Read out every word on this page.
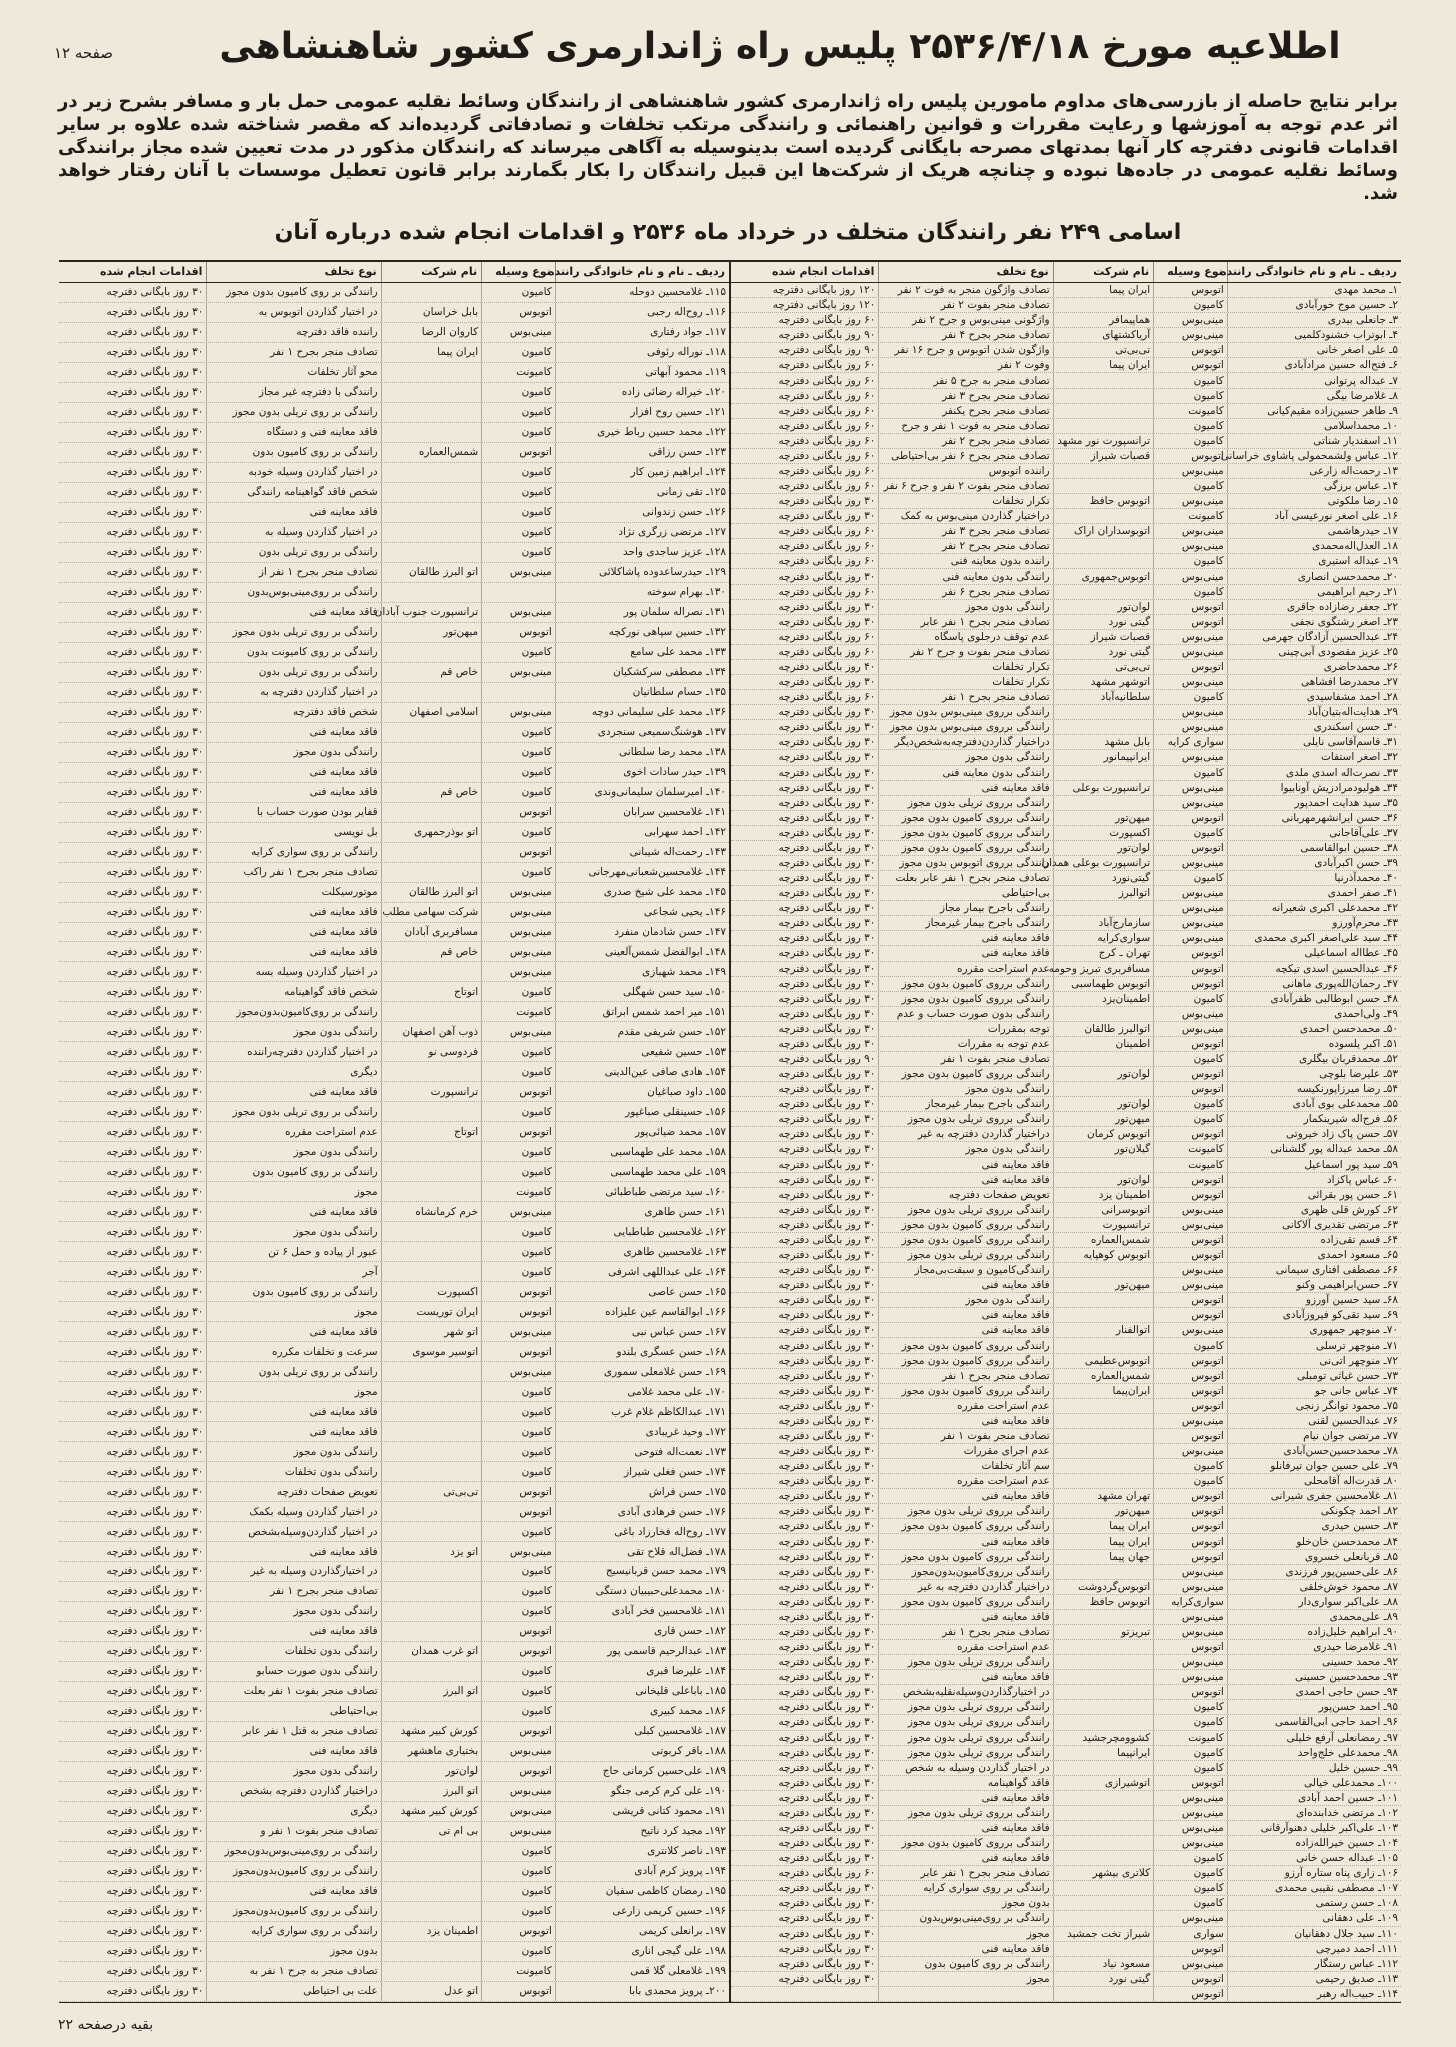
صفحه ۱۲	اطلاعیه مورخ ۲۵۳۶/۴/۱۸ پلیس راه ژاندارمری کشور شاهنشاهی
برابر نتایج حاصله از بازرسی‌های مداوم مامورین پلیس راه ژاندارمری کشور شاهنشاهی از رانندگان وسائط نقلیه عمومی حمل بار و مسافر بشرح زیر در اثر عدم توجه به آموزشها و رعایت مقررات و قوانین راهنمائی و رانندگی مرتکب تخلفات و تصادفاتی گردیده‌اند که مقصر شناخته شده علاوه بر سایر اقدامات قانونی دفترچه کار آنها بمدتهای مصرحه بایگانی گردیده است بدینوسیله به آگاهی میرساند که رانندگان مذکور در مدت تعیین شده مجاز برانندگی وسائط نقلیه عمومی در جاده‌ها نبوده و چنانچه هریک از شرکت‌ها این قبیل رانندگان را بکار بگمارند برابر قانون تعطیل موسسات با آنان رفتار خواهد شد.
اسامی ۲۴۹ نفر رانندگان متخلف در خرداد ماه ۲۵۳۶ و اقدامات انجام شده درباره آنان
ردیف ـ نام و نام خانوادگی راننده
نوع وسیله
نام شرکت
نوع تخلف
اقدامات انجام شده
۱ـ محمد مهدی
اتوبوس
ایران پیما
تصادف واژگون منجر به فوت ۲ نفر
۱۲۰ روز بایگانی دفترچه
۲ـ حسین موج خورآبادی
کامیون
تصادف منجر بفوت ۲ نفر
۱۲۰ روز بایگانی دفترچه
۳ـ جانعلی بیدری
مینی‌بوس
هماپیمافر
واژگونی مینی‌بوس و جرح ۲ نفر
۶۰ روز بایگانی دفترچه
۴ـ ابوتراب خشنودکلمیی
مینی‌بوس
آریاکشتهای
تصادف منجر بجرح ۴ نفر
۹۰ روز بایگانی دفترچه
۵ـ علی اصغر خانی
اتوبوس
تی‌بی‌تی
واژگون شدن اتوبوس و جرح ۱۶ نفر
۹۰ روز بایگانی دفترچه
۶ـ فتح‌اله حسین مرادآبادی
اتوبوس
ایران پیما
وفوت ۲ نفر
۶۰ روز بایگانی دفترچه
۷ـ عبداله پرتوانی
کامیون
تصادف منجر به جرح ۵ نفر
۶۰ روز بایگانی دفترچه
۸ـ غلامرضا بیگی
کامیون
تصادف منجر بجرح ۳ نفر
۶۰ روز بایگانی دفترچه
۹ـ طاهر حسین‌زاده مقیم‌کیانی
کامیونت
تصادف منجر بجرح یکنفر
۶۰ روز بایگانی دفترچه
۱۰ـ محمداسلامی
کامیون
تصادف منجر به فوت ۱ نفر و جرح
۶۰ روز بایگانی دفترچه
۱۱ـ اسفندیار شناتی
کامیون
ترانسپورت نور مشهد
تصادف منجر بجرح ۲ نفر
۶۰ روز بایگانی دفترچه
۱۲ـ عباس ولشمحمولی پاشاوی خراسانی
اتوبوس
قصبات شیراز
تصادف منجر بجرح ۶ نفر بی‌احتیاطی
۶۰ روز بایگانی دفترچه
۱۳ـ رحمت‌اله زارعی
مینی‌بوس
راننده اتوبوس
۶۰ روز بایگانی دفترچه
۱۴ـ عباس برزگی
کامیون
تصادف منجر بفوت ۲ نفر و جرح ۶ نفر
۶۰ روز بایگانی دفترچه
۱۵ـ رضا ملکوتی
مینی‌بوس
اتوبوس حافظ
تکرار تخلفات
۳۰ روز بایگانی دفترچه
۱۶ـ علی اصغر نورعیسی آباد
کامیونت
دراختیار گذاردن مینی‌بوس به کمک
۳۰ روز بایگانی دفترچه
۱۷ـ حیدرهاشمی
مینی‌بوس
اتوبوسداران اراک
تصادف منجر بجرح ۳ نفر
۶۰ روز بایگانی دفترچه
۱۸ـ العدل‌اله‌محمدی
مینی‌بوس
تصادف منجر بجرح ۲ نفر
۶۰ روز بایگانی دفترچه
۱۹ـ عبداله استیری
کامیون
راننده بدون معاینه فنی
۶۰ روز بایگانی دفترچه
۲۰ـ محمدحسن انصاری
مینی‌بوس
اتوبوس‌جمهوری
رانندگی بدون معاینه فنی
۳۰ روز بایگانی دفترچه
۲۱ـ رحیم ابراهیمی
کامیون
تصادف منجر بجرح ۶ نفر
۶۰ روز بایگانی دفترچه
۲۲ـ جعفر رضا‌زاده جاقری
اتوبوس
لوان‌تور
رانندگی بدون مجوز
۳۰ روز بایگانی دفترچه
۲۳ـ اصغر رشتگوی نجفی
اتوبوس
گیتی نورد
تصادف منجر بجرح ۱ نفر عابر
۳۰ روز بایگانی دفترچه
۲۴ـ عبدالحسین آزادگان جهرمی
مینی‌بوس
قصبات شیراز
عدم توقف درجلوی پاسگاه
۶۰ روز بایگانی دفترچه
۲۵ـ عزیز مقصودی آبی‌چینی
مینی‌بوس
گیتی نورد
تصادف منجر بفوت و جرح ۲ نفر
۶۰ روز بایگانی دفترچه
۲۶ـ محمدحاضری
اتوبوس
تی‌بی‌تی
تکرار تخلفات
۴۰ روز بایگانی دفترچه
۲۷ـ محمدرضا افشاهی
مینی‌بوس
اتوشهر مشهد
تکرار تخلفات
۳۰ روز بایگانی دفترچه
۲۸ـ احمد مشفاسیدی
کامیون
سلطانیه‌آباد
تصادف منجر بجرح ۱ نفر
۶۰ روز بایگانی دفترچه
۲۹ـ هدایت‌اله‌بتیان‌آباد
مینی‌بوس
رانندگی برروی مینی‌بوس بدون مجوز
۳۰ روز بایگانی دفترچه
۳۰ـ حسن اسکندری
مینی‌بوس
رانندگی برروی مینی‌بوس بدون مجوز
۳۰ روز بایگانی دفترچه
۳۱ـ قاسم‌آقاسی نایلی
سواری کرایه
بابل مشهد
دراختیار گذاردن‌دفترچه‌به‌شخص‌دیگر
۳۰ روز بایگانی دفترچه
۳۲ـ اصغر استفات
مینی‌بوس
ایرانپیمانور
رانندگی بدون مجوز
۳۰ روز بایگانی دفترچه
۳۳ـ نصرت‌اله اسدی ملدی
کامیون
رانندگی بدون معاینه فنی
۳۰ روز بایگانی دفترچه
۳۴ـ هولیودمرادزیش آونابیوا
مینی‌بوس
ترانسپورت بوعلی
فاقد معاینه فنی
۳۰ روز بایگانی دفترچه
۳۵ـ سید هدایت احمدپور
مینی‌بوس
رانندگی برروی تریلی بدون مجوز
۳۰ روز بایگانی دفترچه
۳۶ـ حسن ایرانشهرمهربانی
اتوبوس
میهن‌تور
رانندگی برروی کامیون بدون مجوز
۳۰ روز بایگانی دفترچه
۳۷ـ علی‌آقاجانی
کامیون
اکسپورت
رانندگی برروی کامیون بدون مجوز
۳۰ روز بایگانی دفترچه
۳۸ـ حسین ابوالقاسمی
اتوبوس
لوان‌تور
رانندگی برروی کامیون بدون مجوز
۳۰ روز بایگانی دفترچه
۳۹ـ حسن اکبرآبادی
مینی‌بوس
ترانسپورت بوعلی همدان
رانندگی برروی اتوبوس بدون مجوز
۳۰ روز بایگانی دفترچه
۴۰ـ محمدآذرنیا
کامیون
گیتی‌نورد
تصادف منجر بجرح ۱ نفر عابر بعلت
۳۰ روز بایگانی دفترچه
۴۱ـ صفر احمدی
مینی‌بوس
اتوالبرز
بی‌احتیاطی
۳۰ روز بایگانی دفترچه
۴۲ـ محمدعلی اکبری شعیرانه
مینی‌بوس
رانندگی باجرح بیمار مجاز
۳۰ روز بایگانی دفترچه
۴۳ـ محرم‌آورزو
مینی‌بوس
سازمارج‌آباد
رانندگی باجرح بیمار غیرمجاز
۳۰ روز بایگانی دفترچه
۴۴ـ سید علی‌اصغر اکبری محمدی
مینی‌بوس
سواری‌کرایه
فاقد معاینه فنی
۳۰ روز بایگانی دفترچه
۴۵ـ عطااله اسماعیلی
اتوبوس
تهران ـ کرج
فاقد معاینه فنی
۳۰ روز بایگانی دفترچه
۴۶ـ عبدالحسین اسدی تیکچه
اتوبوس
مسافربری تبریز وحومه
عدم استراحت مقرره
۳۰ روز بایگانی دفترچه
۴۷ـ رحمان‌الله‌پوری ماهانی
اتوبوس
اتوبوس طهماسبی
رانندگی برروی کامیون بدون مجوز
۳۰ روز بایگانی دفترچه
۴۸ـ حسن ابوطالبی ظفرآبادی
کامیون
اطمینان‌یزد
رانندگی برروی کامیون بدون مجوز
۳۰ روز بایگانی دفترچه
۴۹ـ ولی‌احمدی
مینی‌بوس
رانندگی بدون صورت حساب و عدم
۳۰ روز بایگانی دفترچه
۵۰ـ محمدحسن احمدی
مینی‌بوس
اتوالبرز طالقان
توجه بمقررات
۳۰ روز بایگانی دفترچه
۵۱ـ اکبر یلسوده
اتوبوس
اطمینان
عدم توجه به مقررات
۳۰ روز بایگانی دفترچه
۵۲ـ محمدقربان بیگلری
کامیون
تصادف منجر بفوت ۱ نفر
۹۰ روز بایگانی دفترچه
۵۳ـ علیرضا بلوچی
اتوبوس
لوان‌تور
رانندگی برروی کامیون بدون مجوز
۳۰ روز بایگانی دفترچه
۵۴ـ رضا میرزاپورنکیسه
اتوبوس
رانندگی بدون مجوز
۳۰ روز بایگانی دفترچه
۵۵ـ محمدعلی بوی آبادی
کامیون
لوان‌تور
رانندگی باجرح بیمار غیرمجاز
۳۰ روز بایگانی دفترچه
۵۶ـ فرج‌اله شیرینکمار
کامیون
میهن‌تور
رانندگی برروی تریلی بدون مجوز
۳۰ روز بایگانی دفترچه
۵۷ـ حسن پاک زاد خیروتی
اتوبوس
اتوبوس کرمان
دراختیار گذاردن دفترچه به غیر
۳۰ روز بایگانی دفترچه
۵۸ـ محمد عبداله پور گلشنانی
کامیونت
گیلان‌تور
رانندگی بدون مجوز
۳۰ روز بایگانی دفترچه
۵۹ـ سید پور اسماعیل
کامیونت
فاقد معاینه فنی
۳۰ روز بایگانی دفترچه
۶۰ـ عباس پاکزاد
اتوبوس
لوان‌تور
فاقد معاینه فنی
۳۰ روز بایگانی دفترچه
۶۱ـ حسن پور بقرائی
اتوبوس
اطمینان یزد
تعویض صفحات دفترچه
۳۰ روز بایگانی دفترچه
۶۲ـ کورش قلی ظهری
مینی‌بوس
اتوبوسرانی
رانندگی برروی تریلی بدون مجوز
۳۰ روز بایگانی دفترچه
۶۳ـ مرتضی تقدیری آلاکانی
مینی‌بوس
ترانسپورت
رانندگی برروی کامیون بدون مجوز
۳۰ روز بایگانی دفترچه
۶۴ـ قسم تقی‌زاده
اتوبوس
شمس‌العماره
رانندگی برروی کامیون بدون مجوز
۳۰ روز بایگانی دفترچه
۶۵ـ مسعود احمدی
اتوبوس
اتوبوس کوهپایه
رانندگی برروی تریلی بدون مجوز
۳۰ روز بایگانی دفترچه
۶۶ـ مصطفی افتاری سیمانی
مینی‌بوس
رانندگی‌کامیون و سبقت‌بی‌مجاز
۳۰ روز بایگانی دفترچه
۶۷ـ حسن‌ابراهیمی وکنو
مینی‌بوس
میهن‌تور
فاقد معاینه فنی
۳۰ روز بایگانی دفترچه
۶۸ـ سید حسین آورزو
اتوبوس
رانندگی بدون مجوز
۳۰ روز بایگانی دفترچه
۶۹ـ سید تقی‌کو فیروزآبادی
اتوبوس
فاقد معاینه فنی
۳۰ روز بایگانی دفترچه
۷۰ـ منوچهر جمهوری
مینی‌بوس
اتوالفنار
فاقد معاینه فنی
۳۰ روز بایگانی دفترچه
۷۱ـ منوچهر ترسلی
کامیون
رانندگی برروی کامیون بدون مجوز
۳۰ روز بایگانی دفترچه
۷۲ـ منوچهر اتی‌نی
اتوبوس
اتوبوس‌عطیمی
رانندگی برروی کامیون بدون مجوز
۳۰ روز بایگانی دفترچه
۷۳ـ حسن غیاثی تومبلی
اتوبوس
شمس‌العماره
تصادف منجر بجرح ۱ نفر
۳۰ روز بایگانی دفترچه
۷۴ـ عباس جانی جو
اتوبوس
ایران‌پیما
رانندگی برروی کامیون بدون مجوز
۳۰ روز بایگانی دفترچه
۷۵ـ محمود توانگر زنجی
اتوبوس
عدم استراحت مقرره
۳۰ روز بایگانی دفترچه
۷۶ـ عبدالحسین لقنی
مینی‌بوس
فاقد معاینه فنی
۳۰ روز بایگانی دفترچه
۷۷ـ مرتضی جوان نیام
اتوبوس
تصادف منجر بفوت ۱ نفر
۳۰ روز بایگانی دفترچه
۷۸ـ محمد‌حسین‌حسن‌آبادی
مینی‌بوس
عدم اجرای مقررات
۳۰ روز بایگانی دفترچه
۷۹ـ علی حسین جوان تیرفانلو
کامیون
سم آثار تخلفات
۳۰ روز بایگانی دفترچه
۸۰ـ قدرت‌اله آقامحلی
کامیون
عدم استراحت مقرره
۳۰ روز بایگانی دفترچه
۸۱ـ غلامحسین جفری شیرانی
اتوبوس
تهران مشهد
فاقد معاینه فنی
۳۰ روز بایگانی دفترچه
۸۲ـ احمد چکونکی
اتوبوس
میهن‌تور
رانندگی برروی تریلی بدون مجوز
۳۰ روز بایگانی دفترچه
۸۳ـ حسین حیدری
اتوبوس
ایران پیما
رانندگی برروی کامیون بدون مجوز
۳۰ روز بایگانی دفترچه
۸۴ـ محمدحسن خان‌خلو
اتوبوس
ایران پیما
فاقد معاینه فنی
۳۰ روز بایگانی دفترچه
۸۵ـ قربانعلی خسروی
اتوبوس
جهان پیما
رانندگی برروی کامیون بدون مجوز
۳۰ روز بایگانی دفترچه
۸۶ـ علی‌حسین‌پور فرزندی
مینی‌بوس
رانندگی برروی‌کامیون‌بدون‌مجوز
۳۰ روز بایگانی دفترچه
۸۷ـ محمود خوش‌خلقی
مینی‌بوس
اتوبوس‌گردوشت
دراختیار گذاردن دفترچه به غیر
۳۰ روز بایگانی دفترچه
۸۸ـ علی‌اکبر سواری‌دار
سواری‌کرایه
اتوبوس حافظ
رانندگی برروی کامیون بدون مجوز
۳۰ روز بایگانی دفترچه
۸۹ـ علی‌محمدی
مینی‌بوس
فاقد معاینه فنی
۳۰ روز بایگانی دفترچه
۹۰ـ ابراهیم خلیل‌زاده
مینی‌بوس
تبریزتو
تصادف منجر بجرح ۱ نفر
۳۰ روز بایگانی دفترچه
۹۱ـ غلامرضا حیدری
اتوبوس
عدم استراحت مقرره
۳۰ روز بایگانی دفترچه
۹۲ـ محمد حسینی
مینی‌بوس
رانندگی برروی تریلی بدون مجوز
۳۰ روز بایگانی دفترچه
۹۳ـ محمدحسین حسینی
مینی‌بوس
فاقد معاینه فنی
۳۰ روز بایگانی دفترچه
۹۴ـ حسن حاجی احمدی
اتوبوس
در اختیارگذاردن‌وسیله‌نقلیه‌بشخص
۳۰ روز بایگانی دفترچه
۹۵ـ احمد حسن‌پور
کامیون
رانندگی برروی تریلی بدون مجوز
۳۰ روز بایگانی دفترچه
۹۶ـ احمد حاجی ابی‌القاسمی
کامیون
رانندگی برروی تریلی بدون مجوز
۳۰ روز بایگانی دفترچه
۹۷ـ رمضانعلی آرفع خلیلی
کامیونت
کشوومچرجشید
رانندگی برروی تریلی بدون مجوز
۳۰ روز بایگانی دفترچه
۹۸ـ محمدعلی خلج‌واحد
کامیون
ایرانپیما
رانندگی برروی تریلی بدون مجوز
۳۰ روز بایگانی دفترچه
۹۹ـ حسین خلیل
کامیون
در اختیار گذاردن وسیله به شخص
۳۰ روز بایگانی دفترچه
۱۰۰ـ محمدعلی خیالی
اتوبوس
اتوشیرازی
فاقد گواهینامه
۳۰ روز بایگانی دفترچه
۱۰۱ـ حسین احمد آبادی
مینی‌بوس
فاقد معاینه فنی
۳۰ روز بایگانی دفترچه
۱۰۲ـ مرتضی خدابنده‌ای
مینی‌بوس
رانندگی برروی تریلی بدون مجوز
۳۰ روز بایگانی دفترچه
۱۰۳ـ علی‌اکبر خلیلی دهنوآرقانی
مینی‌بوس
فاقد معاینه فنی
۳۰ روز بایگانی دفترچه
۱۰۴ـ حسین خیرالله‌زاده
مینی‌بوس
رانندگی برروی کامیون بدون مجوز
۳۰ روز بایگانی دفترچه
۱۰۵ـ عبداله حسن خانی
کامیون
فاقد معاینه فنی
۳۰ روز بایگانی دفترچه
۱۰۶ـ زاری پناه ستاره آرزو
کامیون
کلاتری بیشهر
تصادف منجر بجرح ۱ نفر عابر
۶۰ روز بایگانی دفترچه
۱۰۷ـ مصطفی نقیبی محمدی
کامیون
رانندگی بر روی سواری کرایه
۳۰ روز بایگانی دفترچه
۱۰۸ـ حسن رستمی
کامیون
بدون مجوز
۳۰ روز بایگانی دفترچه
۱۰۹ـ علی دهقانی
مینی‌بوس
رانندگی بر روی‌مینی‌بوس‌بدون
۳۰ روز بایگانی دفترچه
۱۱۰ـ سید جلال دهقانیان
سواری
شیراز تخت جمشید
مجوز
۳۰ روز بایگانی دفترچه
۱۱۱ـ احمد دمیرچی
اتوبوس
فاقد معاینه فنی
۳۰ روز بایگانی دفترچه
۱۱۲ـ عباس رستگار
مینی‌بوس
مسعود نیاد
رانندگی بر روی کامیون بدون
۳۰ روز بایگانی دفترچه
۱۱۳ـ صدیق رحیمی
اتوبوس
گیتی نورد
مجوز
۳۰ روز بایگانی دفترچه
۱۱۴ـ حبیب‌اله رهبر
اتوبوس
ردیف ـ نام و نام خانوادگی راننده
نوع وسیله
نام شرکت
نوع تخلف
اقدامات انجام شده
۱۱۵ـ غلامحسین دوحله
کامیون
رانندگی بر روی کامیون بدون مجوز
۳۰ روز بایگانی دفترچه
۱۱۶ـ روح‌اله رجبی
اتوبوس
بابل خراسان
در اختیار گذاردن اتوبوس به
۳۰ روز بایگانی دفترچه
۱۱۷ـ جواد رفتاری
مینی‌بوس
کاروان الرضا
راننده فاقد دفترچه
۳۰ روز بایگانی دفترچه
۱۱۸ـ نوراله رئوفی
کامیون
ایران پیما
تصادف منجر بجرح ۱ نفر
۳۰ روز بایگانی دفترچه
۱۱۹ـ محمود آبهاتی
کامیونت
محو آثار تخلفات
۳۰ روز بایگانی دفترچه
۱۲۰ـ خیراله رضائی زاده
کامیون
رانندگی با دفترچه غیر مجاز
۳۰ روز بایگانی دفترچه
۱۲۱ـ حسین روح افزار
کامیون
رانندگی بر روی تریلی بدون مجوز
۳۰ روز بایگانی دفترچه
۱۲۲ـ محمد حسین رباط خیری
کامیون
فاقد معاینه فنی و دستگاه
۳۰ روز بایگانی دفترچه
۱۲۳ـ حسن رزاقی
اتوبوس
شمس‌العماره
رانندگی بر روی کامیون بدون
۳۰ روز بایگانی دفترچه
۱۲۴ـ ابراهیم زمین کار
کامیون
در اختیار گذاردن وسیله خودبه
۳۰ روز بایگانی دفترچه
۱۲۵ـ تقی زمانی
کامیون
شخص فاقد گواهینامه رانندگی
۳۰ روز بایگانی دفترچه
۱۲۶ـ حسن زندوانی
کامیون
فاقد معاینه فنی
۳۰ روز بایگانی دفترچه
۱۲۷ـ مرتضی زرگری نژاد
کامیون
در اختیار گذاردن وسیله به
۳۰ روز بایگانی دفترچه
۱۲۸ـ عزیز ساجدی واحد
کامیون
رانندگی بر روی تریلی بدون
۳۰ روز بایگانی دفترچه
۱۲۹ـ حیدرساعدوده پاشاکلائی
مینی‌بوس
اتو البرز طالقان
تصادف منجر بجرح ۱ نفر از
۳۰ روز بایگانی دفترچه
۱۳۰ـ بهرام سوخته
رانندگی بر روی‌مینی‌بوس‌بدون
۳۰ روز بایگانی دفترچه
۱۳۱ـ نصراله سلمان پور
مینی‌بوس
ترانسپورت جنوب آبادان
فاقد معاینه فنی
۳۰ روز بایگانی دفترچه
۱۳۲ـ حسین سپاهی نورکچه
اتوبوس
میهن‌تور
رانندگی بر روی تریلی بدون مجوز
۳۰ روز بایگانی دفترچه
۱۳۳ـ محمد علی سامع
کامیون
رانندگی بر روی کامیونت بدون
۳۰ روز بایگانی دفترچه
۱۳۴ـ مصطفی سرکشکیان
مینی‌بوس
خاص قم
رانندگی بر روی تریلی بدون
۳۰ روز بایگانی دفترچه
۱۳۵ـ حسام سلطانیان
در اختیار گذاردن دفترچه به
۳۰ روز بایگانی دفترچه
۱۳۶ـ محمد علی سلیمانی دوچه
مینی‌بوس
اسلامی اصفهان
شخص فاقد دفترچه
۳۰ روز بایگانی دفترچه
۱۳۷ـ هوشنگ‌سمیعی سنجردی
کامیون
فاقد معاینه فنی
۳۰ روز بایگانی دفترچه
۱۳۸ـ محمد رضا سلطانی
کامیون
رانندگی بدون مجوز
۳۰ روز بایگانی دفترچه
۱۳۹ـ حیدر سادات اخوی
کامیون
فاقد معاینه فنی
۳۰ روز بایگانی دفترچه
۱۴۰ـ امیرسلمان سلیمانی‌وندی
کامیون
خاص قم
فاقد معاینه فنی
۳۰ روز بایگانی دفترچه
۱۴۱ـ غلامحسین سرابان
اتوبوس
قفایر بودن صورت حساب با
۳۰ روز بایگانی دفترچه
۱۴۲ـ احمد سهرابی
کامیون
اتو بوذرجمهری
بل نویسی
۳۰ روز بایگانی دفترچه
۱۴۳ـ رحمت‌اله شیبانی
اتوبوس
رانندگی بر روی سواری کرایه
۳۰ روز بایگانی دفترچه
۱۴۴ـ غلامحسین‌شعبانی‌مهرجانی
کامیون
تصادف منجر بجرح ۱ نفر راکب
۳۰ روز بایگانی دفترچه
۱۴۵ـ محمد علی شیخ صدری
مینی‌بوس
اتو البرز طالقان
موتورسیکلت
۳۰ روز بایگانی دفترچه
۱۴۶ـ یحیی شجاعی
مینی‌بوس
شرکت سهامی مطلب
فاقد معاینه فنی
۳۰ روز بایگانی دفترچه
۱۴۷ـ حسن شادمان منفرد
مینی‌بوس
مسافربری آبادان
فاقد معاینه فنی
۳۰ روز بایگانی دفترچه
۱۴۸ـ ابوالفضل شمس‌آلعینی
مینی‌بوس
خاص قم
فاقد معاینه فنی
۳۰ روز بایگانی دفترچه
۱۴۹ـ محمد شهبازی
مینی‌بوس
در اختیار گذاردن وسیله بسه
۳۰ روز بایگانی دفترچه
۱۵۰ـ سید حسن شهگلی
کامیون
اتوتاج
شخص فاقد گواهینامه
۳۰ روز بایگانی دفترچه
۱۵۱ـ میر احمد شمس ابراتق
کامیونت
رانندگی بر روی‌کامیون‌بدون‌مجوز
۳۰ روز بایگانی دفترچه
۱۵۲ـ حسن شریفی مقدم
مینی‌بوس
ذوب آهن اصفهان
رانندگی بدون مجوز
۳۰ روز بایگانی دفترچه
۱۵۳ـ حسین شفیعی
کامیون
فردوسی نو
در اختیار گذاردن دفترچه‌راننده
۳۰ روز بایگانی دفترچه
۱۵۴ـ هادی صافی عین‌الدینی
کامیون
دیگری
۳۰ روز بایگانی دفترچه
۱۵۵ـ داود صباغیان
اتوبوس
ترانسپورت
فاقد معاینه فنی
۳۰ روز بایگانی دفترچه
۱۵۶ـ حسینقلی صباغپور
کامیون
رانندگی بر روی تریلی بدون مجوز
۳۰ روز بایگانی دفترچه
۱۵۷ـ محمد ضیائی‌پور
اتوبوس
اتوتاج
عدم استراحت مقرره
۳۰ روز بایگانی دفترچه
۱۵۸ـ محمد علی طهماسبی
کامیون
رانندگی بدون مجوز
۳۰ روز بایگانی دفترچه
۱۵۹ـ علی محمد طهماسبی
کامیون
رانندگی بر روی کامیون بدون
۳۰ روز بایگانی دفترچه
۱۶۰ـ سید مرتضی طباطبائی
کامیونت
مجوز
۳۰ روز بایگانی دفترچه
۱۶۱ـ حسن طاهری
مینی‌بوس
خرم کرمانشاه
فاقد معاینه فنی
۳۰ روز بایگانی دفترچه
۱۶۲ـ غلامحسین طباطبایی
کامیون
رانندگی بدون مجوز
۳۰ روز بایگانی دفترچه
۱۶۳ـ غلامحسین طاهری
کامیون
عبور از پیاده و حمل ۶ تن
۳۰ روز بایگانی دفترچه
۱۶۴ـ علی عبداللهی اشرفی
کامیون
آجر
۳۰ روز بایگانی دفترچه
۱۶۵ـ حسن عاصی
اتوبوس
اکسپورت
رانندگی بر روی کامیون بدون
۳۰ روز بایگانی دفترچه
۱۶۶ـ ابوالقاسم عین علیزاده
اتوبوس
ایران توریست
مجوز
۳۰ روز بایگانی دفترچه
۱۶۷ـ حسن عباس نبی
مینی‌بوس
اتو شهر
فاقد معاینه فنی
۳۰ روز بایگانی دفترچه
۱۶۸ـ حسن عسگری بلندو
اتوبوس
اتوسیر موسوی
سرعت و تخلفات مکرره
۳۰ روز بایگانی دفترچه
۱۶۹ـ حسن غلامعلی سموری
مینی‌بوس
رانندگی بر روی تریلی بدون
۳۰ روز بایگانی دفترچه
۱۷۰ـ علی محمد غلامی
کامیون
مجوز
۳۰ روز بایگانی دفترچه
۱۷۱ـ عبدالکاظم غلام غرب
کامیون
فاقد معاینه فنی
۳۰ روز بایگانی دفترچه
۱۷۲ـ وحید غریبادی
کامیون
فاقد معاینه فنی
۳۰ روز بایگانی دفترچه
۱۷۳ـ نعمت‌اله فتوحی
کامیون
رانندگی بدون مجوز
۳۰ روز بایگانی دفترچه
۱۷۴ـ حسن فغلی شیراز
کامیون
رانندگی بدون تخلفات
۳۰ روز بایگانی دفترچه
۱۷۵ـ حسن فراش
اتوبوس
تی‌بی‌تی
تعویض صفحات دفترچه
۳۰ روز بایگانی دفترچه
۱۷۶ـ حسن فرهادی آبادی
اتوبوس
در اختیار گذاردن وسیله بکمک
۳۰ روز بایگانی دفترچه
۱۷۷ـ روح‌اله فخارزاد باغی
کامیون
در اختیار گذاردن‌وسیله‌بشخص
۳۰ روز بایگانی دفترچه
۱۷۸ـ فضل‌اله قلاح تقی
مینی‌بوس
اتو یزد
فاقد معاینه فنی
۳۰ روز بایگانی دفترچه
۱۷۹ـ محمد حسن قربانیسیج
کامیون
در اختیارگذاردن وسیله به غیر
۳۰ روز بایگانی دفترچه
۱۸۰ـ محمدعلی‌حبیبیان دستگی
کامیون
تصادف منجر بجرح ۱ نفر
۳۰ روز بایگانی دفترچه
۱۸۱ـ غلامحسین فخر آبادی
کامیون
رانندگی بدون مجوز
۳۰ روز بایگانی دفترچه
۱۸۲ـ حسن قاری
اتوبوس
فاقد معاینه فنی
۳۰ روز بایگانی دفترچه
۱۸۳ـ عبدالرحیم قاسمی پور
اتوبوس
اتو غرب همدان
رانندگی بدون تخلفات
۳۰ روز بایگانی دفترچه
۱۸۴ـ علیرضا قبری
کامیون
رانندگی بدون صورت حسابو
۳۰ روز بایگانی دفترچه
۱۸۵ـ باباعلی قلیخانی
کامیون
اتو البرز
تصادف منجر بفوت ۱ نفر بعلت
۳۰ روز بایگانی دفترچه
۱۸۶ـ محمد کبیری
کامیون
بی‌احتیاطی
۳۰ روز بایگانی دفترچه
۱۸۷ـ غلامحسین کبلی
اتوبوس
کورش کبیر مشهد
تصادف منجر به قتل ۱ نفر عابر
۳۰ روز بایگانی دفترچه
۱۸۸ـ باقر کربوتی
مینی‌بوس
بختیاری ماهشهر
فاقد معاینه فنی
۳۰ روز بایگانی دفترچه
۱۸۹ـ علی‌حسین کرمانی حاج
اتوبوس
لوان‌تور
رانندگی بدون مجوز
۳۰ روز بایگانی دفترچه
۱۹۰ـ علی کرم کرمی جنگو
مینی‌بوس
اتو البرز
دراختیار گذاردن دفترچه بشخص
۳۰ روز بایگانی دفترچه
۱۹۱ـ محمود کتانی قریشی
مینی‌بوس
کورش کبیر مشهد
دیگری
۳۰ روز بایگانی دفترچه
۱۹۲ـ مجید کرد ناتیح
مینی‌بوس
بی ام تی
تصادف منجر بفوت ۱ نفر و
۳۰ روز بایگانی دفترچه
۱۹۳ـ ناصر کلانتری
کامیون
رانندگی بر روی‌مینی‌بوس‌بدون‌مجوز
۳۰ روز بایگانی دفترچه
۱۹۴ـ پرویز کرم آبادی
کامیون
رانندگی بر روی کامیون‌بدون‌مجوز
۳۰ روز بایگانی دفترچه
۱۹۵ـ رمضان کاظمی سفیان
کامیون
فاقد معاینه فنی
۳۰ روز بایگانی دفترچه
۱۹۶ـ حسین کریمی زارعی
کامیون
رانندگی بر روی کامیون‌بدون‌مجوز
۳۰ روز بایگانی دفترچه
۱۹۷ـ برانعلی کریمی
اتوبوس
اطمینان یزد
رانندگی بر روی سواری کرایه
۳۰ روز بایگانی دفترچه
۱۹۸ـ علی گیجی اناری
کامیون
بدون مجوز
۳۰ روز بایگانی دفترچه
۱۹۹ـ غلامعلی گلا قمی
کامیونت
تصادف منجر به جرح ۱ نفر به
۳۰ روز بایگانی دفترچه
۲۰۰ـ پرویز محمدی بابا
اتوبوس
اتو عدل
علت بی احتیاطی
۳۰ روز بایگانی دفترچه
بقیه درصفحه ۲۲
